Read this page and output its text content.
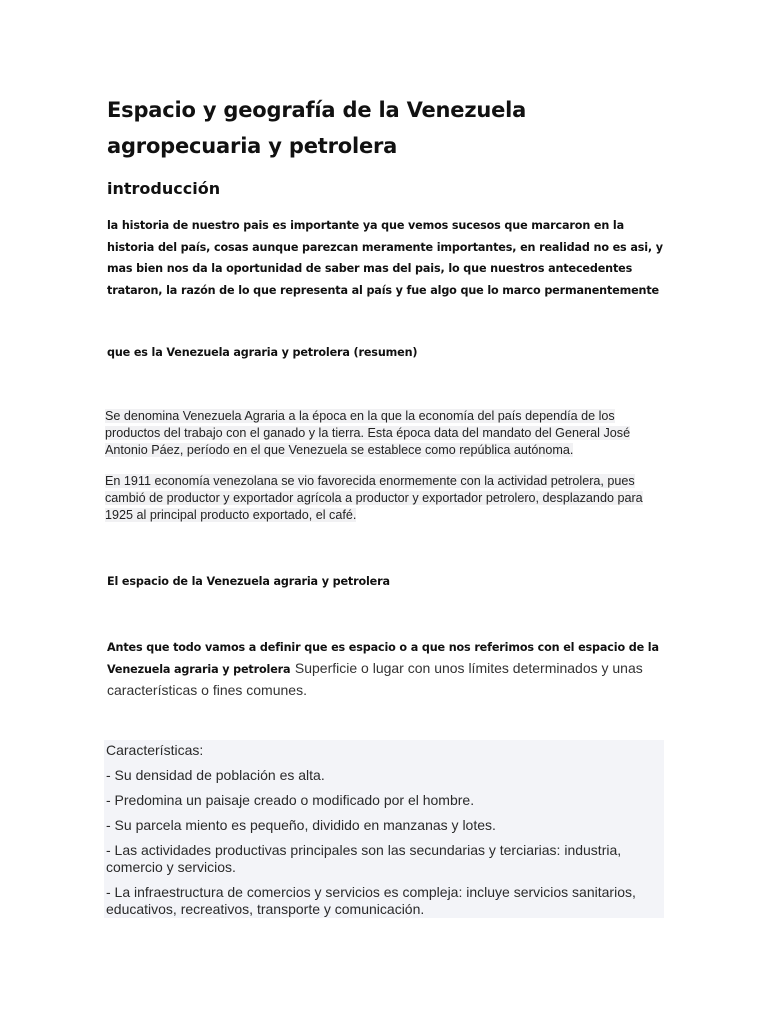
Espacio y geografía de la Venezuela agropecuaria y petrolera
introducción
la historia de nuestro pais es importante ya que vemos sucesos que marcaron en la historia del país, cosas aunque parezcan meramente importantes, en realidad no es asi, y mas bien nos da la oportunidad de saber mas del pais, lo que nuestros antecedentes trataron, la razón de lo que representa al país y fue algo que lo marco permanentemente
que es la Venezuela agraria y petrolera (resumen)
Se denomina Venezuela Agraria a la época en la que la economía del país dependía de los productos del trabajo con el ganado y la tierra. Esta época data del mandato del General José Antonio Páez, período en el que Venezuela se establece como república autónoma.
En 1911 economía venezolana se vio favorecida enormemente con la actividad petrolera, pues cambió de productor y exportador agrícola a productor y exportador petrolero, desplazando para 1925 al principal producto exportado, el café.
El espacio de la Venezuela agraria y petrolera
Antes que todo vamos a definir que es espacio o a que nos referimos con el espacio de la Venezuela agraria y petrolera Superficie o lugar con unos límites determinados y unas características o fines comunes.
Características:
- Su densidad de población es alta.
- Predomina un paisaje creado o modificado por el hombre.
- Su parcela miento es pequeño, dividido en manzanas y lotes.
- Las actividades productivas principales son las secundarias y terciarias: industria, comercio y servicios.
- La infraestructura de comercios y servicios es compleja: incluye servicios sanitarios, educativos, recreativos, transporte y comunicación.
